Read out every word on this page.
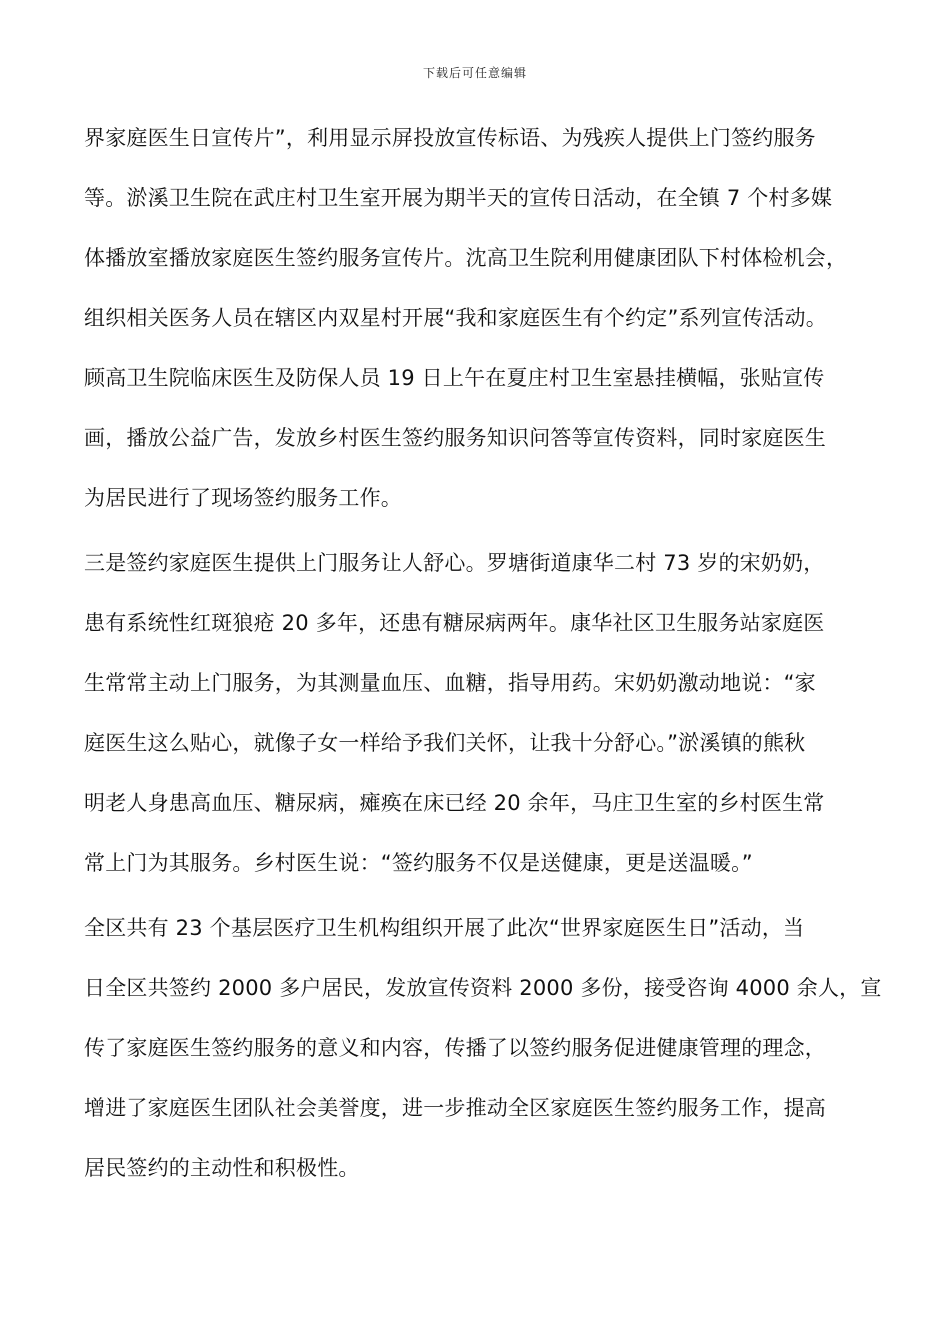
下载后可任意编辑
界家庭医生日宣传片”，利用显示屏投放宣传标语、为残疾人提供上门签约服务
等。淤溪卫生院在武庄村卫生室开展为期半天的宣传日活动，在全镇 7 个村多媒
体播放室播放家庭医生签约服务宣传片。沈高卫生院利用健康团队下村体检机会，
组织相关医务人员在辖区内双星村开展“我和家庭医生有个约定”系列宣传活动。
顾高卫生院临床医生及防保人员 19 日上午在夏庄村卫生室悬挂横幅，张贴宣传
画，播放公益广告，发放乡村医生签约服务知识问答等宣传资料，同时家庭医生
为居民进行了现场签约服务工作。
三是签约家庭医生提供上门服务让人舒心。罗塘街道康华二村 73 岁的宋奶奶，
患有系统性红斑狼疮 20 多年，还患有糖尿病两年。康华社区卫生服务站家庭医
生常常主动上门服务，为其测量血压、血糖，指导用药。宋奶奶激动地说：“家
庭医生这么贴心，就像子女一样给予我们关怀，让我十分舒心。”淤溪镇的熊秋
明老人身患高血压、糖尿病，瘫痪在床已经 20 余年，马庄卫生室的乡村医生常
常上门为其服务。乡村医生说：“签约服务不仅是送健康，更是送温暖。”
全区共有 23 个基层医疗卫生机构组织开展了此次“世界家庭医生日”活动，当
日全区共签约 2000 多户居民，发放宣传资料 2000 多份，接受咨询 4000 余人，宣
传了家庭医生签约服务的意义和内容，传播了以签约服务促进健康管理的理念，
增进了家庭医生团队社会美誉度，进一步推动全区家庭医生签约服务工作，提高
居民签约的主动性和积极性。
